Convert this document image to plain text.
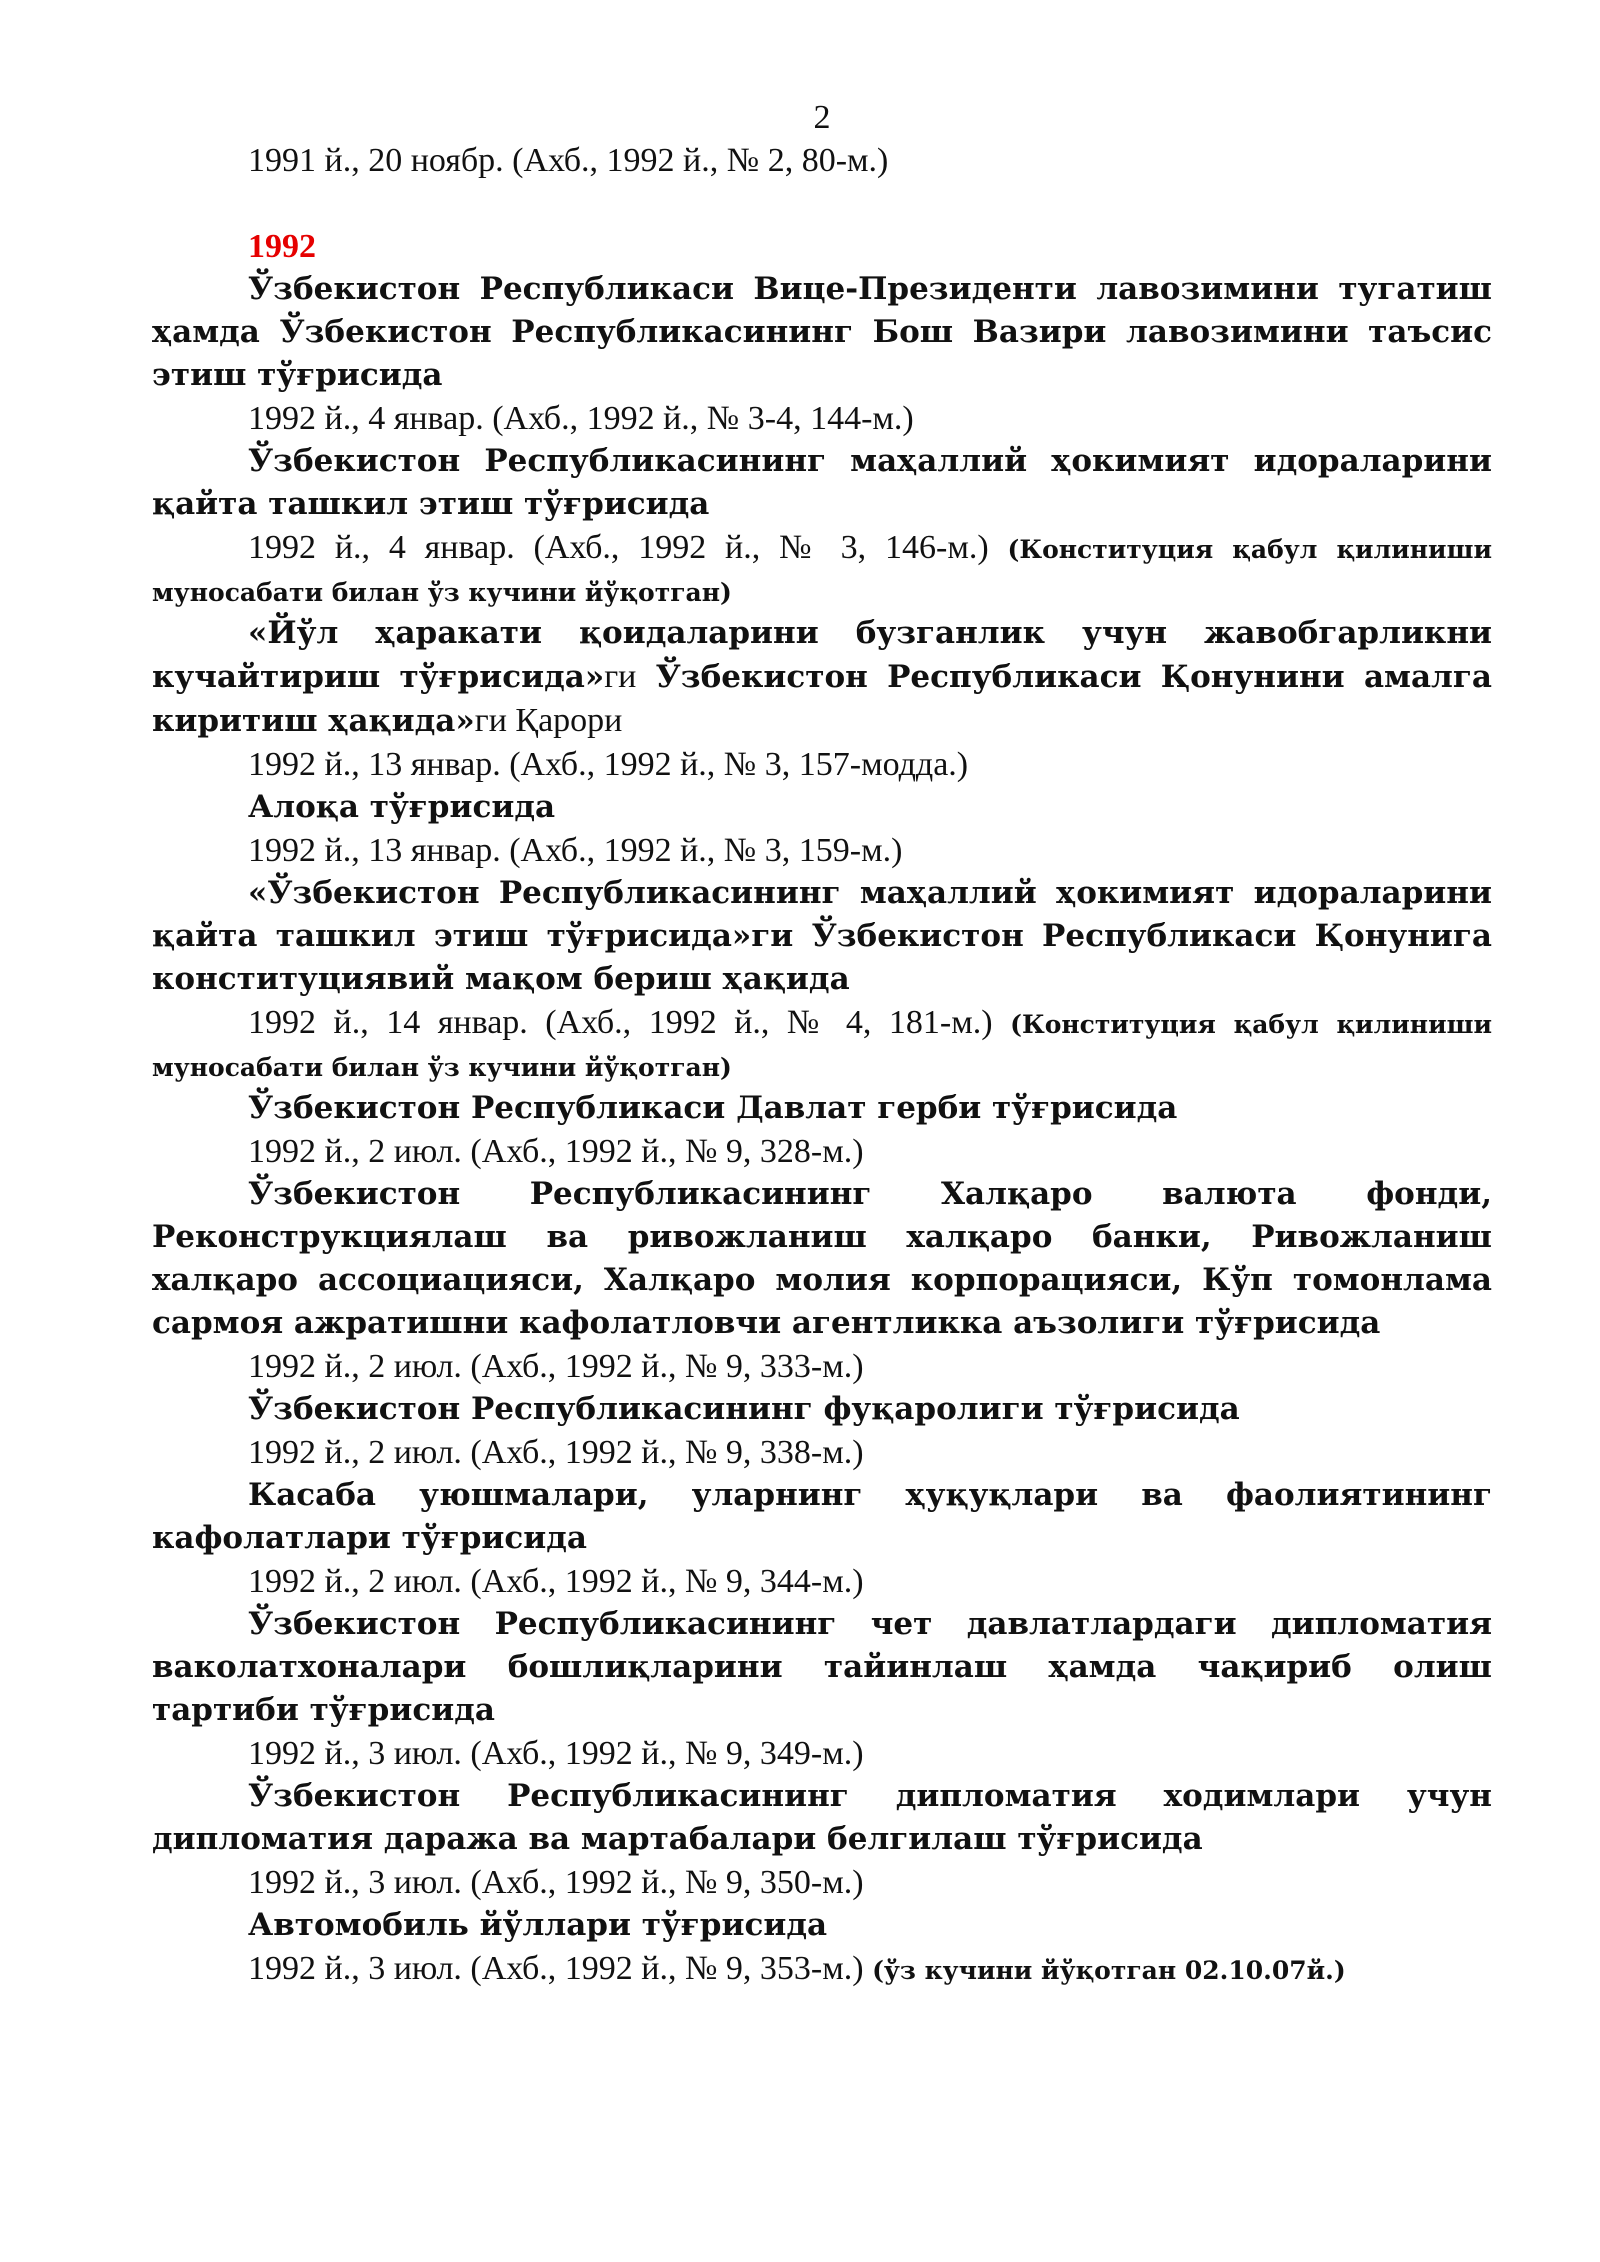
2

1991 й., 20 ноябр. (Ахб., 1992 й., № 2, 80-м.)

1992

Ўзбекистон Республикаси Вице-Президенти лавозимини тугатиш ҳамда Ўзбекистон Республикасининг Бош Вазири лавозимини таъсис этиш тўғрисида

1992 й., 4 январ. (Ахб., 1992 й., № 3-4, 144-м.)

Ўзбекистон Республикасининг маҳаллий ҳокимият идораларини қайта ташкил этиш тўғрисида

1992 й., 4 январ. (Ахб., 1992 й., № 3, 146-м.) (Конституция қабул қилиниши муносабати билан ўз кучини йўқотган)

«Йўл ҳаракати қоидаларини бузганлик учун жавобгарликни кучайтириш тўғрисида»ги Ўзбекистон Республикаси Қонунини амалга киритиш ҳақида»ги Қарори

1992 й., 13 январ. (Ахб., 1992 й., № 3, 157-модда.)

Алоқа тўғрисида

1992 й., 13 январ. (Ахб., 1992 й., № 3, 159-м.)

«Ўзбекистон Республикасининг маҳаллий ҳокимият идораларини қайта ташкил этиш тўғрисида»ги Ўзбекистон Республикаси Қонунига конституциявий мақом бериш ҳақида

1992 й., 14 январ. (Ахб., 1992 й., № 4, 181-м.) (Конституция қабул қилиниши муносабати билан ўз кучини йўқотган)

Ўзбекистон Республикаси Давлат герби тўғрисида

1992 й., 2 июл. (Ахб., 1992 й., № 9, 328-м.)

Ўзбекистон Республикасининг Халқаро валюта фонди, Реконструкциялаш ва ривожланиш халқаро банки, Ривожланиш халқаро ассоциацияси, Халқаро молия корпорацияси, Кўп томонлама сармоя ажратишни кафолатловчи агентликка аъзолиги тўғрисида

1992 й., 2 июл. (Ахб., 1992 й., № 9, 333-м.)

Ўзбекистон Республикасининг фуқаролиги тўғрисида

1992 й., 2 июл. (Ахб., 1992 й., № 9, 338-м.)

Касаба уюшмалари, уларнинг ҳуқуқлари ва фаолиятининг кафолатлари тўғрисида

1992 й., 2 июл. (Ахб., 1992 й., № 9, 344-м.)

Ўзбекистон Республикасининг чет давлатлардаги дипломатия ваколатхоналари бошлиқларини тайинлаш ҳамда чақириб олиш тартиби тўғрисида

1992 й., 3 июл. (Ахб., 1992 й., № 9, 349-м.)

Ўзбекистон Республикасининг дипломатия ходимлари учун дипломатия даража ва мартабалари белгилаш тўғрисида

1992 й., 3 июл. (Ахб., 1992 й., № 9, 350-м.)

Автомобиль йўллари тўғрисида

1992 й., 3 июл. (Ахб., 1992 й., № 9, 353-м.) (ўз кучини йўқотган 02.10.07й.)
